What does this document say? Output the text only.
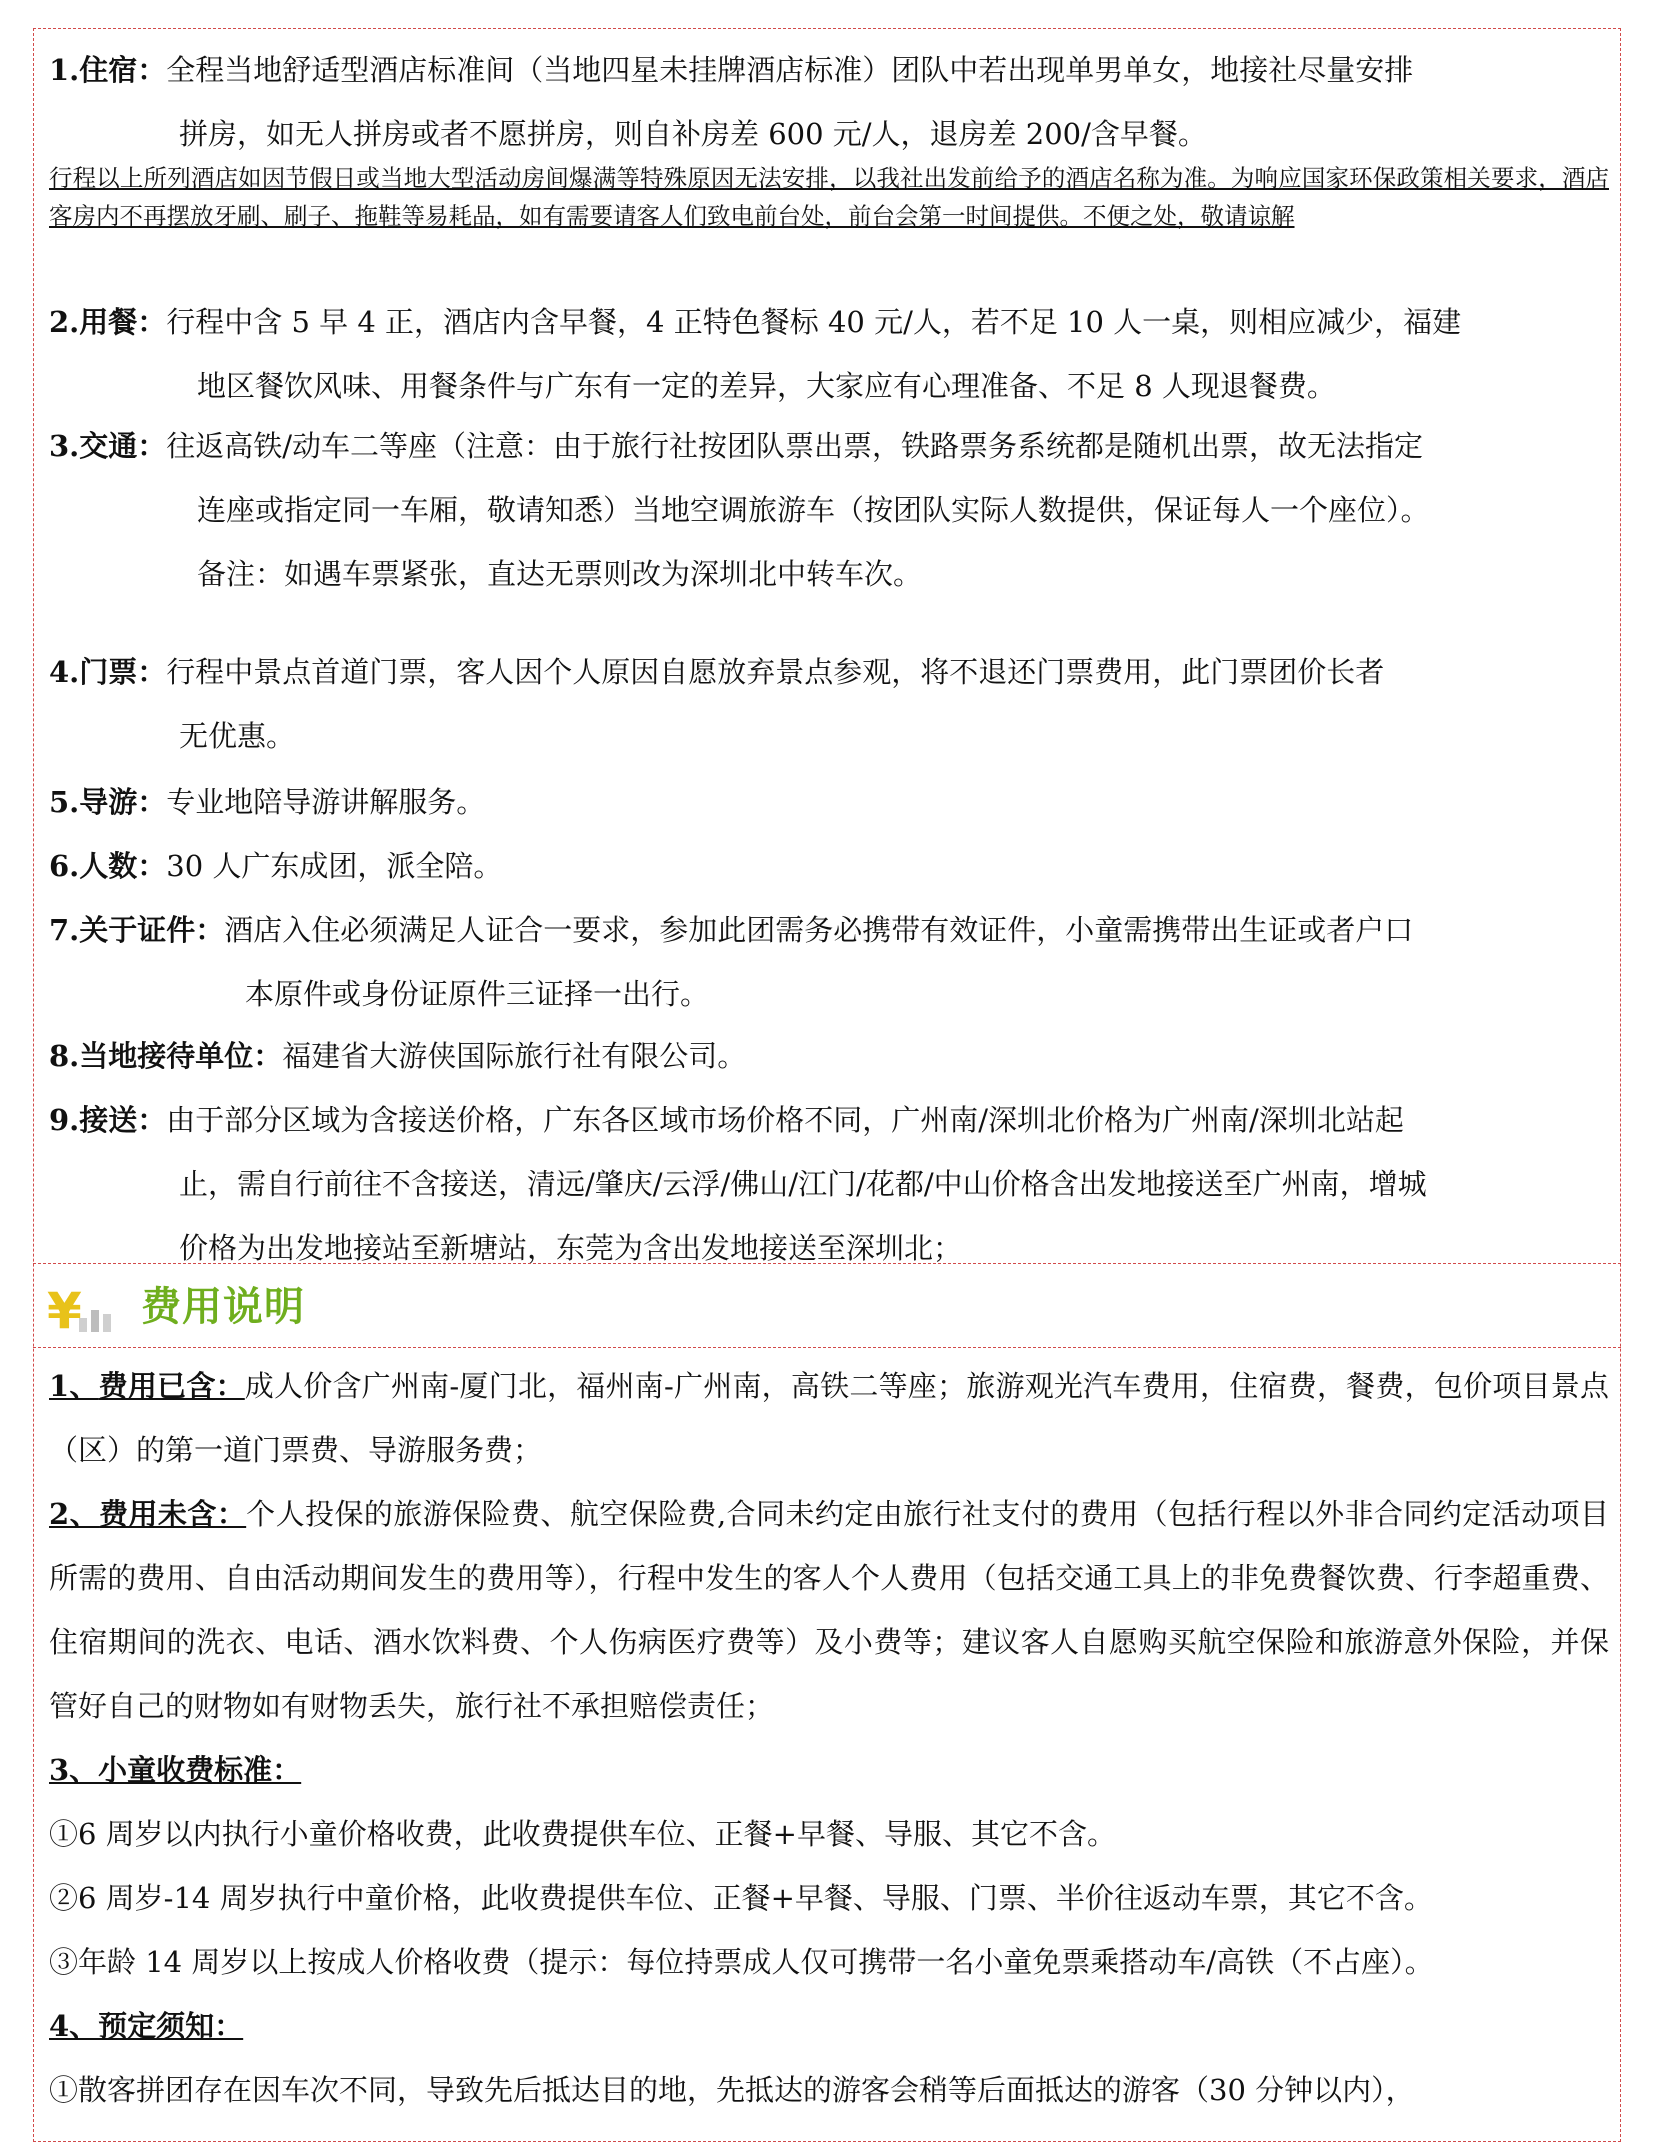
1.住宿：全程当地舒适型酒店标准间（当地四星未挂牌酒店标准）团队中若出现单男单女，地接社尽量安排
拼房，如无人拼房或者不愿拼房，则自补房差 600 元/人，退房差 200/含早餐。
行程以上所列酒店如因节假日或当地大型活动房间爆满等特殊原因无法安排，以我社出发前给予的酒店名称为准。为响应国家环保政策相关要求，酒店客房内不再摆放牙刷、刷子、拖鞋等易耗品，如有需要请客人们致电前台处，前台会第一时间提供。不便之处，敬请谅解
2.用餐：行程中含 5 早 4 正，酒店内含早餐，4 正特色餐标 40 元/人，若不足 10 人一桌，则相应减少，福建
地区餐饮风味、用餐条件与广东有一定的差异，大家应有心理准备、不足 8 人现退餐费。
3.交通：往返高铁/动车二等座（注意：由于旅行社按团队票出票，铁路票务系统都是随机出票，故无法指定
连座或指定同一车厢，敬请知悉）当地空调旅游车（按团队实际人数提供，保证每人一个座位）。
备注：如遇车票紧张，直达无票则改为深圳北中转车次。
4.门票：行程中景点首道门票，客人因个人原因自愿放弃景点参观，将不退还门票费用，此门票团价长者
无优惠。
5.导游：专业地陪导游讲解服务。
6.人数：30 人广东成团，派全陪。
7.关于证件：酒店入住必须满足人证合一要求，参加此团需务必携带有效证件，小童需携带出生证或者户口
本原件或身份证原件三证择一出行。
8.当地接待单位：福建省大游侠国际旅行社有限公司。
9.接送：由于部分区域为含接送价格，广东各区域市场价格不同，广州南/深圳北价格为广州南/深圳北站起
止，需自行前往不含接送，清远/肇庆/云浮/佛山/江门/花都/中山价格含出发地接送至广州南，增城
价格为出发地接站至新塘站，东莞为含出发地接送至深圳北；
¥ 费用说明
1、费用已含：成人价含广州南-厦门北，福州南-广州南，高铁二等座；旅游观光汽车费用，住宿费，餐费，包价项目景点（区）的第一道门票费、导游服务费；
2、费用未含：个人投保的旅游保险费、航空保险费,合同未约定由旅行社支付的费用（包括行程以外非合同约定活动项目所需的费用、自由活动期间发生的费用等），行程中发生的客人个人费用（包括交通工具上的非免费餐饮费、行李超重费、住宿期间的洗衣、电话、酒水饮料费、个人伤病医疗费等）及小费等；建议客人自愿购买航空保险和旅游意外保险，并保管好自己的财物如有财物丢失，旅行社不承担赔偿责任；
3、小童收费标准：
①6 周岁以内执行小童价格收费，此收费提供车位、正餐+早餐、导服、其它不含。
②6 周岁-14 周岁执行中童价格，此收费提供车位、正餐+早餐、导服、门票、半价往返动车票，其它不含。
③年龄 14 周岁以上按成人价格收费（提示：每位持票成人仅可携带一名小童免票乘搭动车/高铁（不占座）。
4、预定须知：
①散客拼团存在因车次不同，导致先后抵达目的地，先抵达的游客会稍等后面抵达的游客（30 分钟以内），
